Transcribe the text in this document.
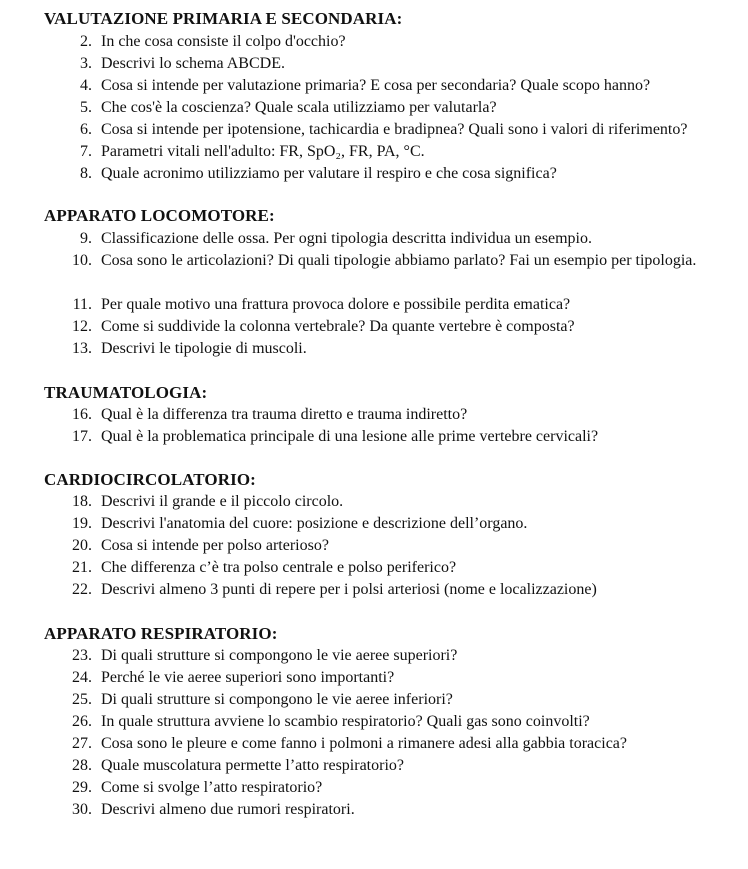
VALUTAZIONE PRIMARIA E SECONDARIA:
2. In che cosa consiste il colpo d'occhio?
3. Descrivi lo schema ABCDE.
4. Cosa si intende per valutazione primaria? E cosa per secondaria? Quale scopo hanno?
5. Che cos'è la coscienza? Quale scala utilizziamo per valutarla?
6. Cosa si intende per ipotensione, tachicardia e bradipnea? Quali sono i valori di riferimento?
7. Parametri vitali nell'adulto: FR, SpO₂, FR, PA, °C.
8. Quale acronimo utilizziamo per valutare il respiro e che cosa significa?
APPARATO LOCOMOTORE:
9. Classificazione delle ossa. Per ogni tipologia descritta individua un esempio.
10. Cosa sono le articolazioni? Di quali tipologie abbiamo parlato? Fai un esempio per tipologia.
11. Per quale motivo una frattura provoca dolore e possibile perdita ematica?
12. Come si suddivide la colonna vertebrale? Da quante vertebre è composta?
13. Descrivi le tipologie di muscoli.
TRAUMATOLOGIA:
16. Qual è la differenza tra trauma diretto e trauma indiretto?
17. Qual è la problematica principale di una lesione alle prime vertebre cervicali?
CARDIOCIRCOLATORIO:
18. Descrivi il grande e il piccolo circolo.
19. Descrivi l'anatomia del cuore: posizione e descrizione dell’organo.
20. Cosa si intende per polso arterioso?
21. Che differenza c’è tra polso centrale e polso periferico?
22. Descrivi almeno 3 punti di repere per i polsi arteriosi (nome e localizzazione)
APPARATO RESPIRATORIO:
23. Di quali strutture si compongono le vie aeree superiori?
24. Perché le vie aeree superiori sono importanti?
25. Di quali strutture si compongono le vie aeree inferiori?
26. In quale struttura avviene lo scambio respiratorio? Quali gas sono coinvolti?
27. Cosa sono le pleure e come fanno i polmoni a rimanere adesi alla gabbia toracica?
28. Quale muscolatura permette l’atto respiratorio?
29. Come si svolge l’atto respiratorio?
30. Descrivi almeno due rumori respiratori.
